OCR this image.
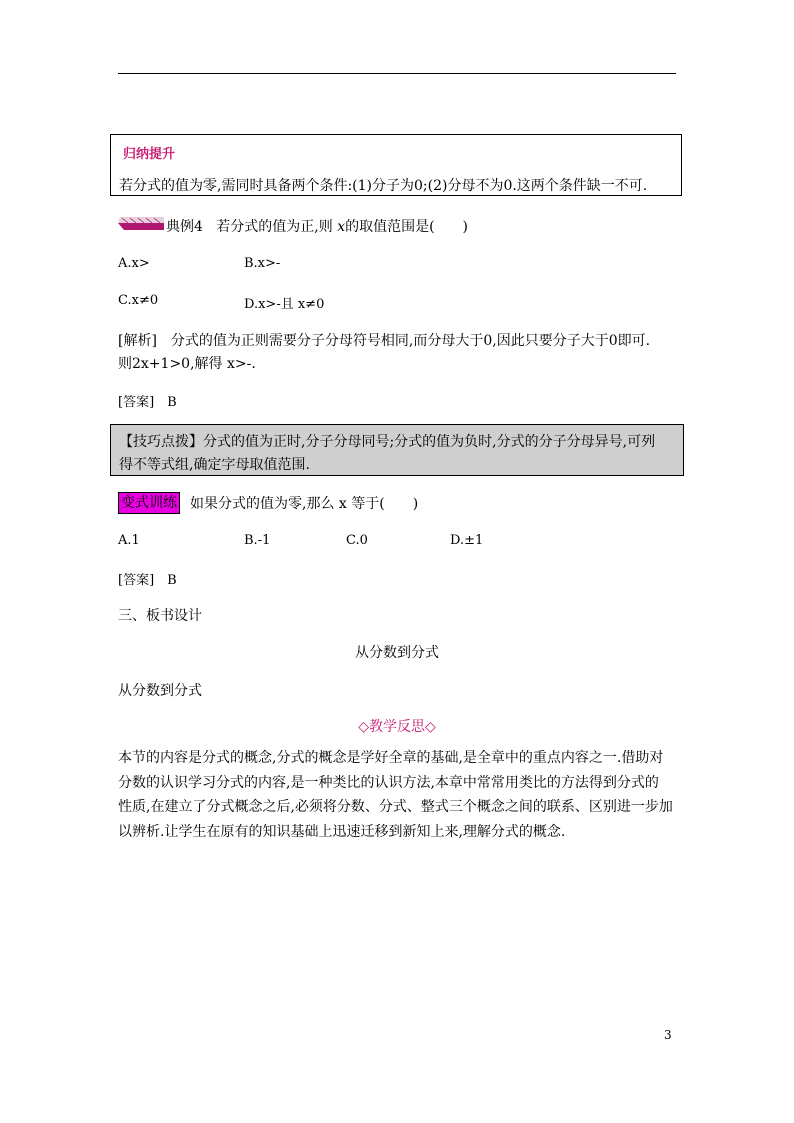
归纳提升
若分式的值为零,需同时具备两个条件:(1)分子为0;(2)分母不为0.这两个条件缺一不可.
典例4 若分式的值为正,则 x的取值范围是(　　)
A.x>	B.x>-
C.x≠0	D.x>-且 x≠0
[解析]　分式的值为正则需要分子分母符号相同,而分母大于0,因此只要分子大于0即可.
则2x+1>0,解得 x>-.
[答案]　B
【技巧点拨】分式的值为正时,分子分母同号;分式的值为负时,分式的分子分母异号,可列
得不等式组,确定字母取值范围.
变式训练 如果分式的值为零,那么 x 等于(　　)
A.1	B.-1	C.0	D.±1
[答案]　B
三、板书设计
从分数到分式
从分数到分式
◇教学反思◇
本节的内容是分式的概念,分式的概念是学好全章的基础,是全章中的重点内容之一.借助对
分数的认识学习分式的内容,是一种类比的认识方法,本章中常常用类比的方法得到分式的
性质,在建立了分式概念之后,必须将分数、分式、整式三个概念之间的联系、区别进一步加
以辨析.让学生在原有的知识基础上迅速迁移到新知上来,理解分式的概念.
3
